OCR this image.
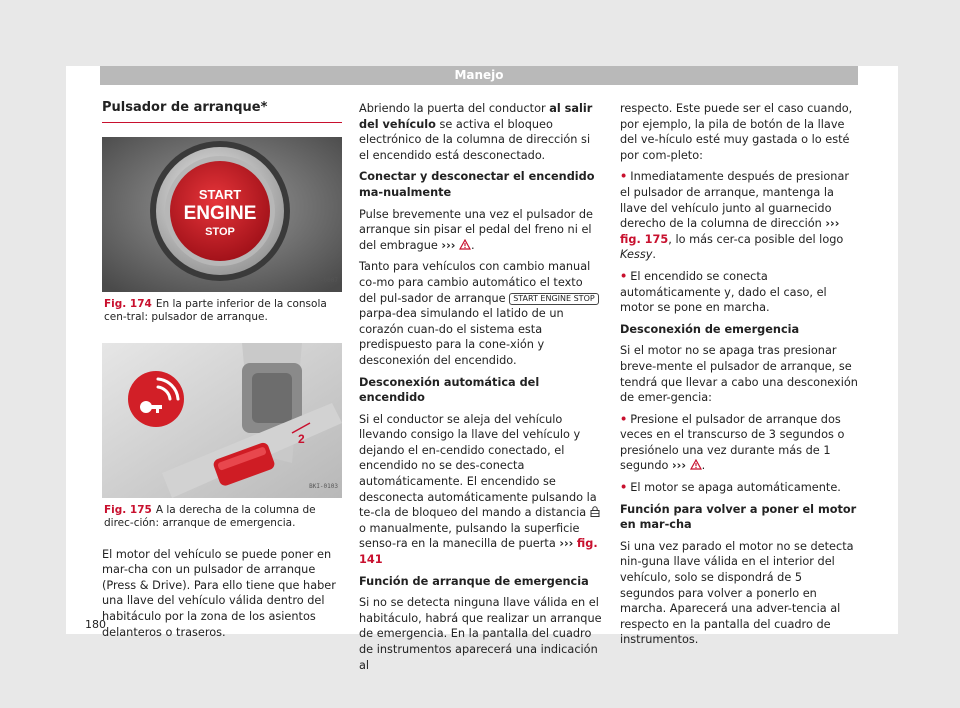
Manejo
Pulsador de arranque*
START
ENGINE
STOP
B57-0007
Fig. 174 En la parte inferior de la consola cen-tral: pulsador de arranque.
2
BKI-0103
Fig. 175 A la derecha de la columna de direc-ción: arranque de emergencia.

El motor del vehículo se puede poner en mar-cha con un pulsador de arranque (Press & Drive). Para ello tiene que haber una llave del vehículo válida dentro del habitáculo por la zona de los asientos delanteros o traseros.

Abriendo la puerta del conductor al salir del vehículo se activa el bloqueo electrónico de la columna de dirección si el encendido está desconectado.

Conectar y desconectar el encendido ma-nualmente

Pulse brevemente una vez el pulsador de arranque sin pisar el pedal del freno ni el del embrague ››› .

Tanto para vehículos con cambio manual co-mo para cambio automático el texto del pul-sador de arranque START ENGINE STOP parpa-dea simulando el latido de un corazón cuan-do el sistema esta predispuesto para la cone-xión y desconexión del encendido.

Desconexión automática del encendido

Si el conductor se aleja del vehículo llevando consigo la llave del vehículo y dejando el en-cendido conectado, el encendido no se des-conecta automáticamente. El encendido se desconecta automáticamente pulsando la te-cla de bloqueo del mando a distancia  o manualmente, pulsando la superficie senso-ra en la manecilla de puerta ››› fig. 141

Función de arranque de emergencia

Si no se detecta ninguna llave válida en el habitáculo, habrá que realizar un arranque de emergencia. En la pantalla del cuadro de instrumentos aparecerá una indicación al

respecto. Este puede ser el caso cuando, por ejemplo, la pila de botón de la llave del ve-hículo esté muy gastada o lo esté por com-pleto:

• Inmediatamente después de presionar el pulsador de arranque, mantenga la llave del vehículo junto al guarnecido derecho de la columna de dirección ››› fig. 175, lo más cer-ca posible del logo Kessy.

• El encendido se conecta automáticamente y, dado el caso, el motor se pone en marcha.

Desconexión de emergencia

Si el motor no se apaga tras presionar breve-mente el pulsador de arranque, se tendrá que llevar a cabo una desconexión de emer-gencia:

• Presione el pulsador de arranque dos veces en el transcurso de 3 segundos o presiónelo una vez durante más de 1 segundo ››› .

• El motor se apaga automáticamente.

Función para volver a poner el motor en mar-cha

Si una vez parado el motor no se detecta nin-guna llave válida en el interior del vehículo, solo se dispondrá de 5 segundos para volver a ponerlo en marcha. Aparecerá una adver-tencia al respecto en la pantalla del cuadro de instrumentos.

180
